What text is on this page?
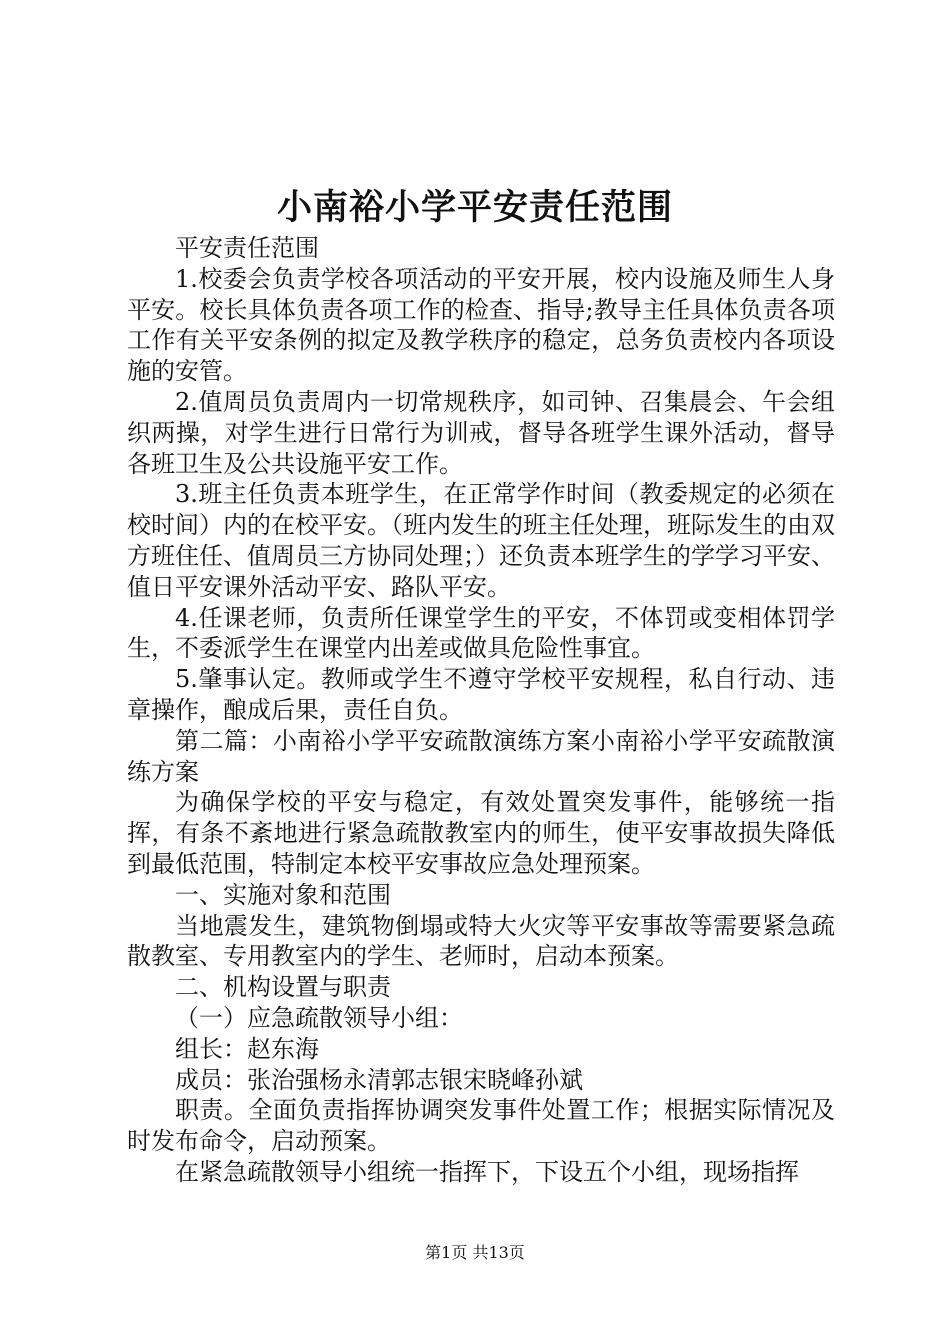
小南裕小学平安责任范围

平安责任范围

1.校委会负责学校各项活动的平安开展，校内设施及师生人身平安。校长具体负责各项工作的检查、指导;教导主任具体负责各项工作有关平安条例的拟定及教学秩序的稳定，总务负责校内各项设施的安管。

2.值周员负责周内一切常规秩序，如司钟、召集晨会、午会组织两操，对学生进行日常行为训戒，督导各班学生课外活动，督导各班卫生及公共设施平安工作。

3.班主任负责本班学生，在正常学作时间（教委规定的必须在校时间）内的在校平安。（班内发生的班主任处理，班际发生的由双方班住任、值周员三方协同处理；）还负责本班学生的学学习平安、值日平安课外活动平安、路队平安。

4.任课老师，负责所任课堂学生的平安，不体罚或变相体罚学生，不委派学生在课堂内出差或做具危险性事宜。

5.肇事认定。教师或学生不遵守学校平安规程，私自行动、违章操作，酿成后果，责任自负。

第二篇：小南裕小学平安疏散演练方案小南裕小学平安疏散演练方案

为确保学校的平安与稳定，有效处置突发事件，能够统一指挥，有条不紊地进行紧急疏散教室内的师生，使平安事故损失降低到最低范围，特制定本校平安事故应急处理预案。

一、实施对象和范围

当地震发生，建筑物倒塌或特大火灾等平安事故等需要紧急疏散教室、专用教室内的学生、老师时，启动本预案。

二、机构设置与职责

（一）应急疏散领导小组：

组长：赵东海

成员：张治强杨永清郭志银宋晓峰孙斌

职责。全面负责指挥协调突发事件处置工作；根据实际情况及时发布命令，启动预案。

在紧急疏散领导小组统一指挥下，下设五个小组，现场指挥

第1页 共13页
